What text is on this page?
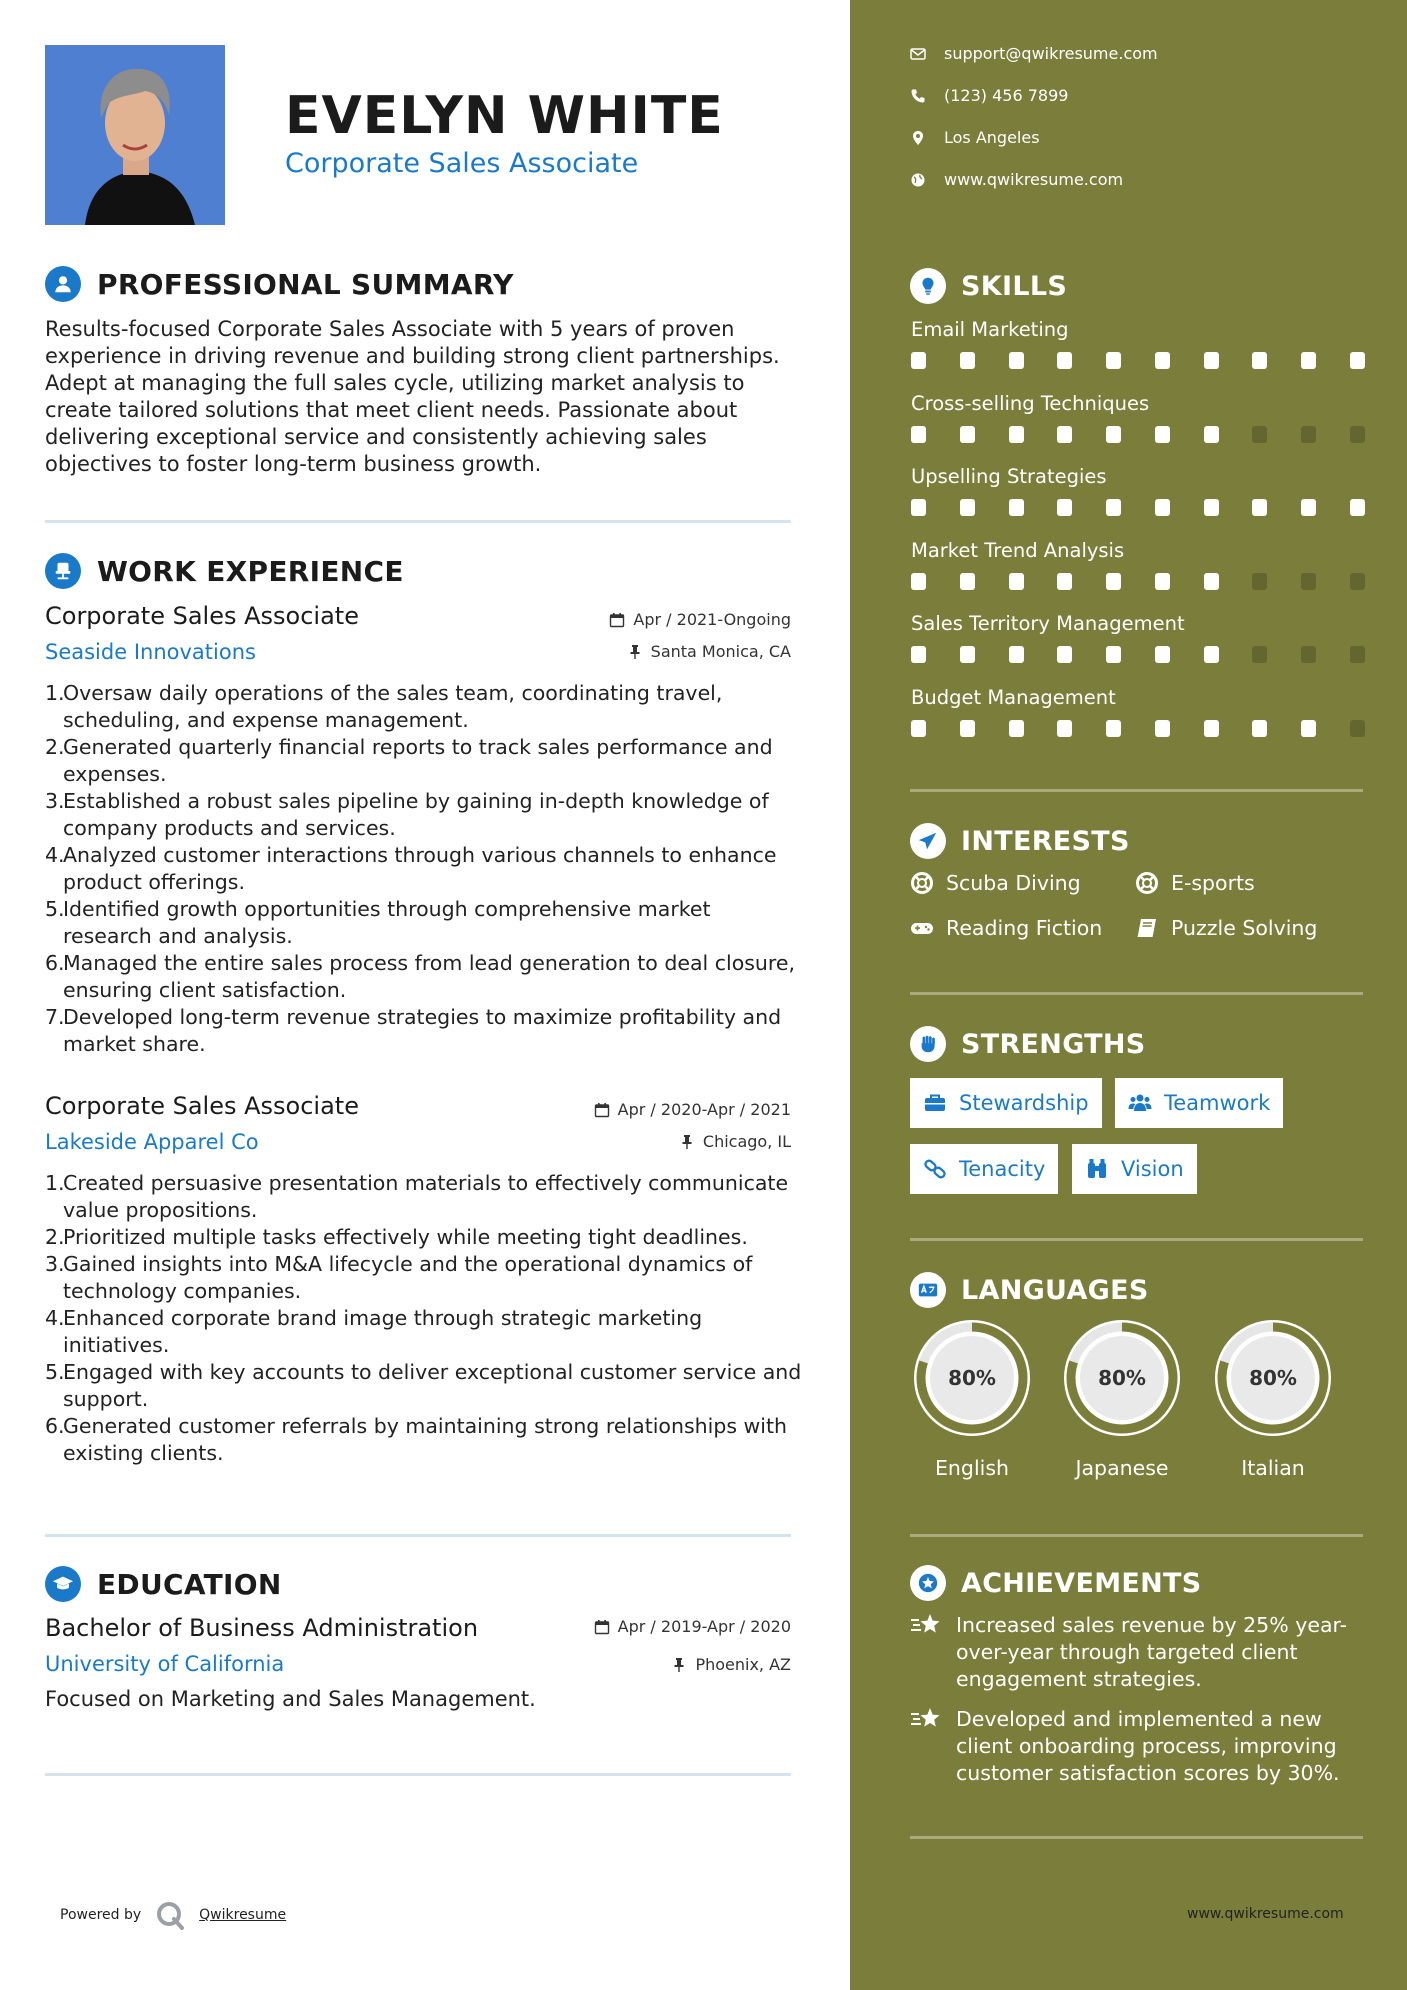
EVELYN WHITE
Corporate Sales Associate
PROFESSIONAL SUMMARY
Results-focused Corporate Sales Associate with 5 years of proven experience in driving revenue and building strong client partnerships. Adept at managing the full sales cycle, utilizing market analysis to create tailored solutions that meet client needs. Passionate about delivering exceptional service and consistently achieving sales objectives to foster long-term business growth.
WORK EXPERIENCE
Corporate Sales Associate	Apr / 2021-Ongoing
Seaside Innovations	Santa Monica, CA
1.
Oversaw daily operations of the sales team, coordinating travel, scheduling, and expense management.
2.
Generated quarterly financial reports to track sales performance and expenses.
3.
Established a robust sales pipeline by gaining in-depth knowledge of company products and services.
4.
Analyzed customer interactions through various channels to enhance product offerings.
5.
Identified growth opportunities through comprehensive market research and analysis.
6.
Managed the entire sales process from lead generation to deal closure, ensuring client satisfaction.
7.
Developed long-term revenue strategies to maximize profitability and market share.
Corporate Sales Associate	Apr / 2020-Apr / 2021
Lakeside Apparel Co	Chicago, IL
1.
Created persuasive presentation materials to effectively communicate value propositions.
2.
Prioritized multiple tasks effectively while meeting tight deadlines.
3.
Gained insights into M&A lifecycle and the operational dynamics of technology companies.
4.
Enhanced corporate brand image through strategic marketing initiatives.
5.
Engaged with key accounts to deliver exceptional customer service and support.
6.
Generated customer referrals by maintaining strong relationships with existing clients.
EDUCATION
Bachelor of Business Administration	Apr / 2019-Apr / 2020
University of California	Phoenix, AZ
Focused on Marketing and Sales Management.
Powered by	Qwikresume
support@qwikresume.com
(123) 456 7899
Los Angeles
www.qwikresume.com
SKILLS
Email Marketing
Cross-selling Techniques
Upselling Strategies
Market Trend Analysis
Sales Territory Management
Budget Management
INTERESTS
Scuba Diving	E-sports
Reading Fiction	Puzzle Solving
STRENGTHS
Stewardship	Teamwork
Tenacity	Vision
LANGUAGES
80%
English
80%
Japanese
80%
Italian
ACHIEVEMENTS
Increased sales revenue by 25% year-over-year through targeted client engagement strategies.
Developed and implemented a new client onboarding process, improving customer satisfaction scores by 30%.
www.qwikresume.com
